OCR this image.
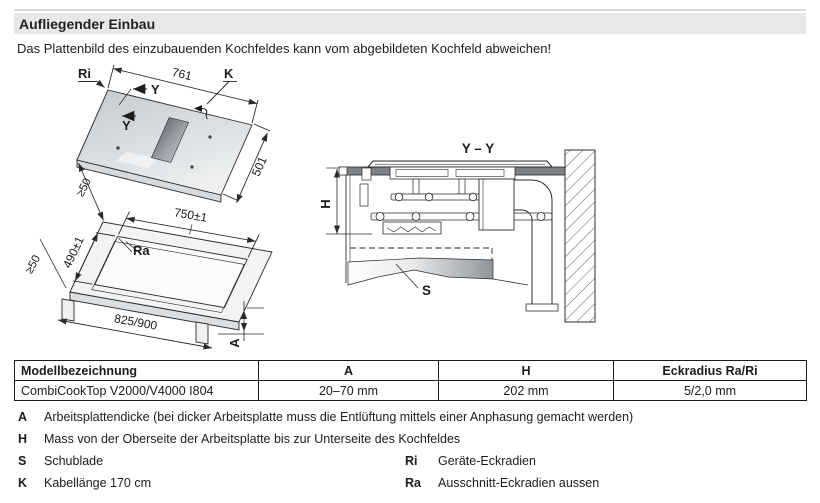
Aufliegender Einbau
Das Plattenbild des einzubauenden Kochfeldes kann vom abgebildeten Kochfeld abweichen!
Ri	K
Y
Y
761
501
750±1
490±1
≥50
≥50
Ra
825/900
A
Y – Y
H
S
Modellbezeichnung	A	H	Eckradius Ra/Ri
CombiCookTop V2000/V4000 I804	20–70 mm	202 mm	5/2,0 mm
A Arbeitsplattendicke (bei dicker Arbeitsplatte muss die Entlüftung mittels einer Anphasung gemacht werden)
H Mass von der Oberseite der Arbeitsplatte bis zur Unterseite des Kochfeldes
S Schublade	Ri Geräte-Eckradien
K Kabellänge 170 cm	Ra Ausschnitt-Eckradien aussen
